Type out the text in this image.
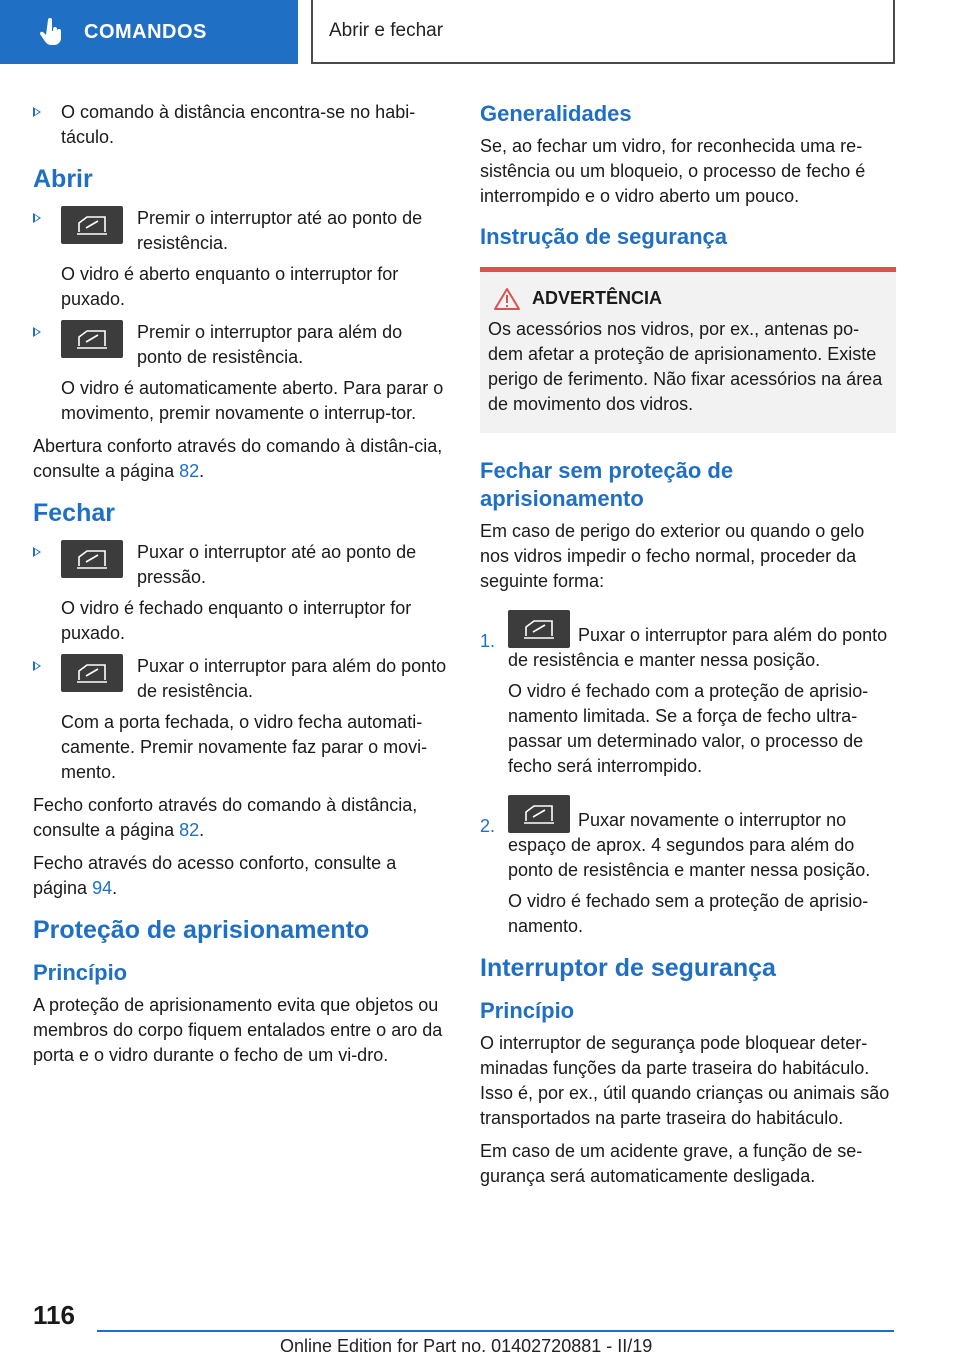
COMANDOS	Abrir e fechar
O comando à distância encontra-se no habi-táculo.
Abrir
Premir o interruptor até ao ponto de resistência.

O vidro é aberto enquanto o interruptor for puxado.

Premir o interruptor para além do ponto de resistência.

O vidro é automaticamente aberto. Para parar o movimento, premir novamente o interrup-tor.

Abertura conforto através do comando à distân-cia, consulte a página 82.

Fechar
Puxar o interruptor até ao ponto de pressão.

O vidro é fechado enquanto o interruptor for puxado.

Puxar o interruptor para além do ponto de resistência.

Com a porta fechada, o vidro fecha automati-camente. Premir novamente faz parar o movi-mento.

Fecho conforto através do comando à distância, consulte a página 82.

Fecho através do acesso conforto, consulte a página 94.

Proteção de aprisionamento
Princípio

A proteção de aprisionamento evita que objetos ou membros do corpo fiquem entalados entre o aro da porta e o vidro durante o fecho de um vi-dro.

Generalidades

Se, ao fechar um vidro, for reconhecida uma re-sistência ou um bloqueio, o processo de fecho é interrompido e o vidro aberto um pouco.

Instrução de segurança
ADVERTÊNCIA
Os acessórios nos vidros, por ex., antenas po-dem afetar a proteção de aprisionamento. Existe perigo de ferimento. Não fixar acessórios na área de movimento dos vidros.
Fechar sem proteção de aprisionamento

Em caso de perigo do exterior ou quando o gelo nos vidros impedir o fecho normal, proceder da seguinte forma:

1.	Puxar o interruptor para além do ponto de resistência e manter nessa posição.

O vidro é fechado com a proteção de aprisio-namento limitada. Se a força de fecho ultra-passar um determinado valor, o processo de fecho será interrompido.

2.	Puxar novamente o interruptor no espaço de aprox. 4 segundos para além do ponto de resistência e manter nessa posição.

O vidro é fechado sem a proteção de aprisio-namento.

Interruptor de segurança
Princípio

O interruptor de segurança pode bloquear deter-minadas funções da parte traseira do habitáculo. Isso é, por ex., útil quando crianças ou animais são transportados na parte traseira do habitáculo.

Em caso de um acidente grave, a função de se-gurança será automaticamente desligada.

116
Online Edition for Part no. 01402720881 - II/19
